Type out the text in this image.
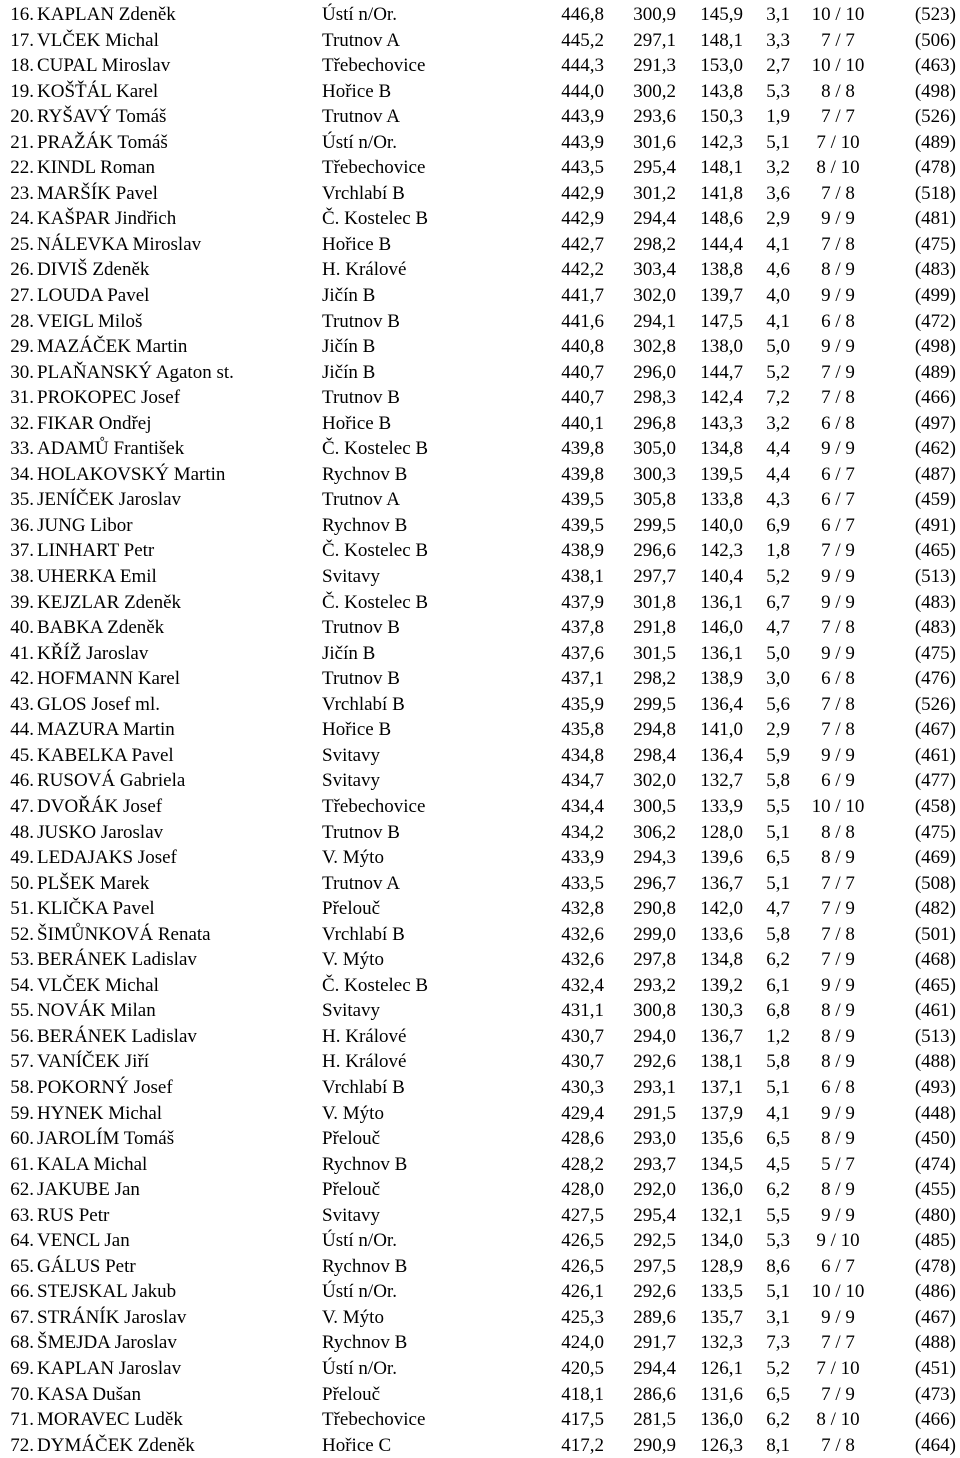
16. KAPLAN Zdeněk	Ústí n/Or.	446,8 300,9 145,9 3,1	10 / 10	(523)
17. VLČEK Michal	Trutnov A	445,2 297,1 148,1 3,3	7 / 7	(506)
18. CUPAL Miroslav	Třebechovice	444,3 291,3 153,0 2,7	10 / 10	(463)
19. KOŠŤÁL Karel	Hořice B	444,0 300,2 143,8 5,3	8 / 8	(498)
20. RYŠAVÝ Tomáš	Trutnov A	443,9 293,6 150,3 1,9	7 / 7	(526)
21. PRAŽÁK Tomáš	Ústí n/Or.	443,9 301,6 142,3 5,1	7 / 10	(489)
22. KINDL Roman	Třebechovice	443,5 295,4 148,1 3,2	8 / 10	(478)
23. MARŠÍK Pavel	Vrchlabí B	442,9 301,2 141,8 3,6	7 / 8	(518)
24. KAŠPAR Jindřich	Č. Kostelec B	442,9 294,4 148,6 2,9	9 / 9	(481)
25. NÁLEVKA Miroslav	Hořice B	442,7 298,2 144,4 4,1	7 / 8	(475)
26. DIVIŠ Zdeněk	H. Králové	442,2 303,4 138,8 4,6	8 / 9	(483)
27. LOUDA Pavel	Jičín B	441,7 302,0 139,7 4,0	9 / 9	(499)
28. VEIGL Miloš	Trutnov B	441,6 294,1 147,5 4,1	6 / 8	(472)
29. MAZÁČEK Martin	Jičín B	440,8 302,8 138,0 5,0	9 / 9	(498)
30. PLAŇANSKÝ Agaton st.	Jičín B	440,7 296,0 144,7 5,2	7 / 9	(489)
31. PROKOPEC Josef	Trutnov B	440,7 298,3 142,4 7,2	7 / 8	(466)
32. FIKAR Ondřej	Hořice B	440,1 296,8 143,3 3,2	6 / 8	(497)
33. ADAMŮ František	Č. Kostelec B	439,8 305,0 134,8 4,4	9 / 9	(462)
34. HOLAKOVSKÝ Martin	Rychnov B	439,8 300,3 139,5 4,4	6 / 7	(487)
35. JENÍČEK Jaroslav	Trutnov A	439,5 305,8 133,8 4,3	6 / 7	(459)
36. JUNG Libor	Rychnov B	439,5 299,5 140,0 6,9	6 / 7	(491)
37. LINHART Petr	Č. Kostelec B	438,9 296,6 142,3 1,8	7 / 9	(465)
38. UHERKA Emil	Svitavy	438,1 297,7 140,4 5,2	9 / 9	(513)
39. KEJZLAR Zdeněk	Č. Kostelec B	437,9 301,8 136,1 6,7	9 / 9	(483)
40. BABKA Zdeněk	Trutnov B	437,8 291,8 146,0 4,7	7 / 8	(483)
41. KŘÍŽ Jaroslav	Jičín B	437,6 301,5 136,1 5,0	9 / 9	(475)
42. HOFMANN Karel	Trutnov B	437,1 298,2 138,9 3,0	6 / 8	(476)
43. GLOS Josef ml.	Vrchlabí B	435,9 299,5 136,4 5,6	7 / 8	(526)
44. MAZURA Martin	Hořice B	435,8 294,8 141,0 2,9	7 / 8	(467)
45. KABELKA Pavel	Svitavy	434,8 298,4 136,4 5,9	9 / 9	(461)
46. RUSOVÁ Gabriela	Svitavy	434,7 302,0 132,7 5,8	6 / 9	(477)
47. DVOŘÁK Josef	Třebechovice	434,4 300,5 133,9 5,5	10 / 10	(458)
48. JUSKO Jaroslav	Trutnov B	434,2 306,2 128,0 5,1	8 / 8	(475)
49. LEDAJAKS Josef	V. Mýto	433,9 294,3 139,6 6,5	8 / 9	(469)
50. PLŠEK Marek	Trutnov A	433,5 296,7 136,7 5,1	7 / 7	(508)
51. KLIČKA Pavel	Přelouč	432,8 290,8 142,0 4,7	7 / 9	(482)
52. ŠIMŮNKOVÁ Renata	Vrchlabí B	432,6 299,0 133,6 5,8	7 / 8	(501)
53. BERÁNEK Ladislav	V. Mýto	432,6 297,8 134,8 6,2	7 / 9	(468)
54. VLČEK Michal	Č. Kostelec B	432,4 293,2 139,2 6,1	9 / 9	(465)
55. NOVÁK Milan	Svitavy	431,1 300,8 130,3 6,8	8 / 9	(461)
56. BERÁNEK Ladislav	H. Králové	430,7 294,0 136,7 1,2	8 / 9	(513)
57. VANÍČEK Jiří	H. Králové	430,7 292,6 138,1 5,8	8 / 9	(488)
58. POKORNÝ Josef	Vrchlabí B	430,3 293,1 137,1 5,1	6 / 8	(493)
59. HYNEK Michal	V. Mýto	429,4 291,5 137,9 4,1	9 / 9	(448)
60. JAROLÍM Tomáš	Přelouč	428,6 293,0 135,6 6,5	8 / 9	(450)
61. KALA Michal	Rychnov B	428,2 293,7 134,5 4,5	5 / 7	(474)
62. JAKUBE Jan	Přelouč	428,0 292,0 136,0 6,2	8 / 9	(455)
63. RUS Petr	Svitavy	427,5 295,4 132,1 5,5	9 / 9	(480)
64. VENCL Jan	Ústí n/Or.	426,5 292,5 134,0 5,3	9 / 10	(485)
65. GÁLUS Petr	Rychnov B	426,5 297,5 128,9 8,6	6 / 7	(478)
66. STEJSKAL Jakub	Ústí n/Or.	426,1 292,6 133,5 5,1	10 / 10	(486)
67. STRÁNÍK Jaroslav	V. Mýto	425,3 289,6 135,7 3,1	9 / 9	(467)
68. ŠMEJDA Jaroslav	Rychnov B	424,0 291,7 132,3 7,3	7 / 7	(488)
69. KAPLAN Jaroslav	Ústí n/Or.	420,5 294,4 126,1 5,2	7 / 10	(451)
70. KASA Dušan	Přelouč	418,1 286,6 131,6 6,5	7 / 9	(473)
71. MORAVEC Luděk	Třebechovice	417,5 281,5 136,0 6,2	8 / 10	(466)
72. DYMÁČEK Zdeněk	Hořice C	417,2 290,9 126,3 8,1	7 / 8	(464)
